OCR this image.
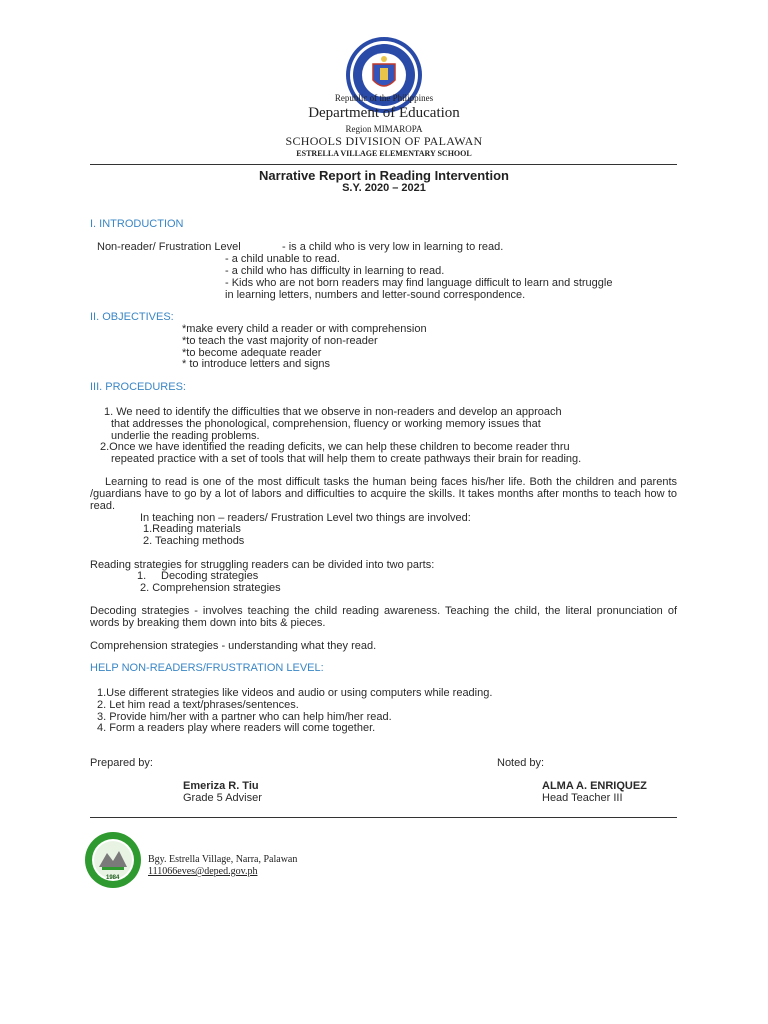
Republic of the Philippines
Department of Education
Region MIMAROPA
SCHOOLS DIVISION OF PALAWAN
ESTRELLA VILLAGE ELEMENTARY SCHOOL
Narrative Report in Reading Intervention
S.Y. 2020 – 2021
I. INTRODUCTION
Non-reader/ Frustration Level	- is a child who is very low in learning to read.
- a child unable to read.
- a child who has difficulty in learning to read.
- Kids who are not born readers may find language difficult to learn and struggle
in learning letters, numbers and letter-sound correspondence.
II. OBJECTIVES:
*make every child a reader or with comprehension
*to teach the vast majority of non-reader
*to become adequate reader
* to introduce letters and signs
III. PROCEDURES:
1. We need to identify the difficulties that we observe in non-readers and develop an approach
that addresses the phonological, comprehension, fluency or working memory issues that
underlie the reading problems.
2.Once we have identified the reading deficits, we can help these children to become reader thru
repeated practice with a set of tools that will help them to create pathways their brain for reading.
Learning to read is one of the most difficult tasks the human being faces his/her life. Both the children and parents /guardians have to go by a lot of labors and difficulties to acquire the skills. It takes months after months to teach how to read.
In teaching non – readers/ Frustration Level two things are involved:
1.Reading materials
2. Teaching methods
Reading strategies for struggling readers can be divided into two parts:
1. Decoding strategies
2. Comprehension strategies
Decoding strategies - involves teaching the child reading awareness. Teaching the child, the literal pronunciation of words by breaking them down into bits & pieces.
Comprehension strategies - understanding what they read.
HELP NON-READERS/FRUSTRATION LEVEL:
1.Use different strategies like videos and audio or using computers while reading.
2. Let him read a text/phrases/sentences.
3. Provide him/her with a partner who can help him/her read.
4. Form a readers play where readers will come together.
Prepared by:	Noted by:
Emeriza R. Tiu
Grade 5 Adviser
ALMA A. ENRIQUEZ
Head Teacher III
1984
Bgy. Estrella Village, Narra, Palawan
111066eves@deped.gov.ph
